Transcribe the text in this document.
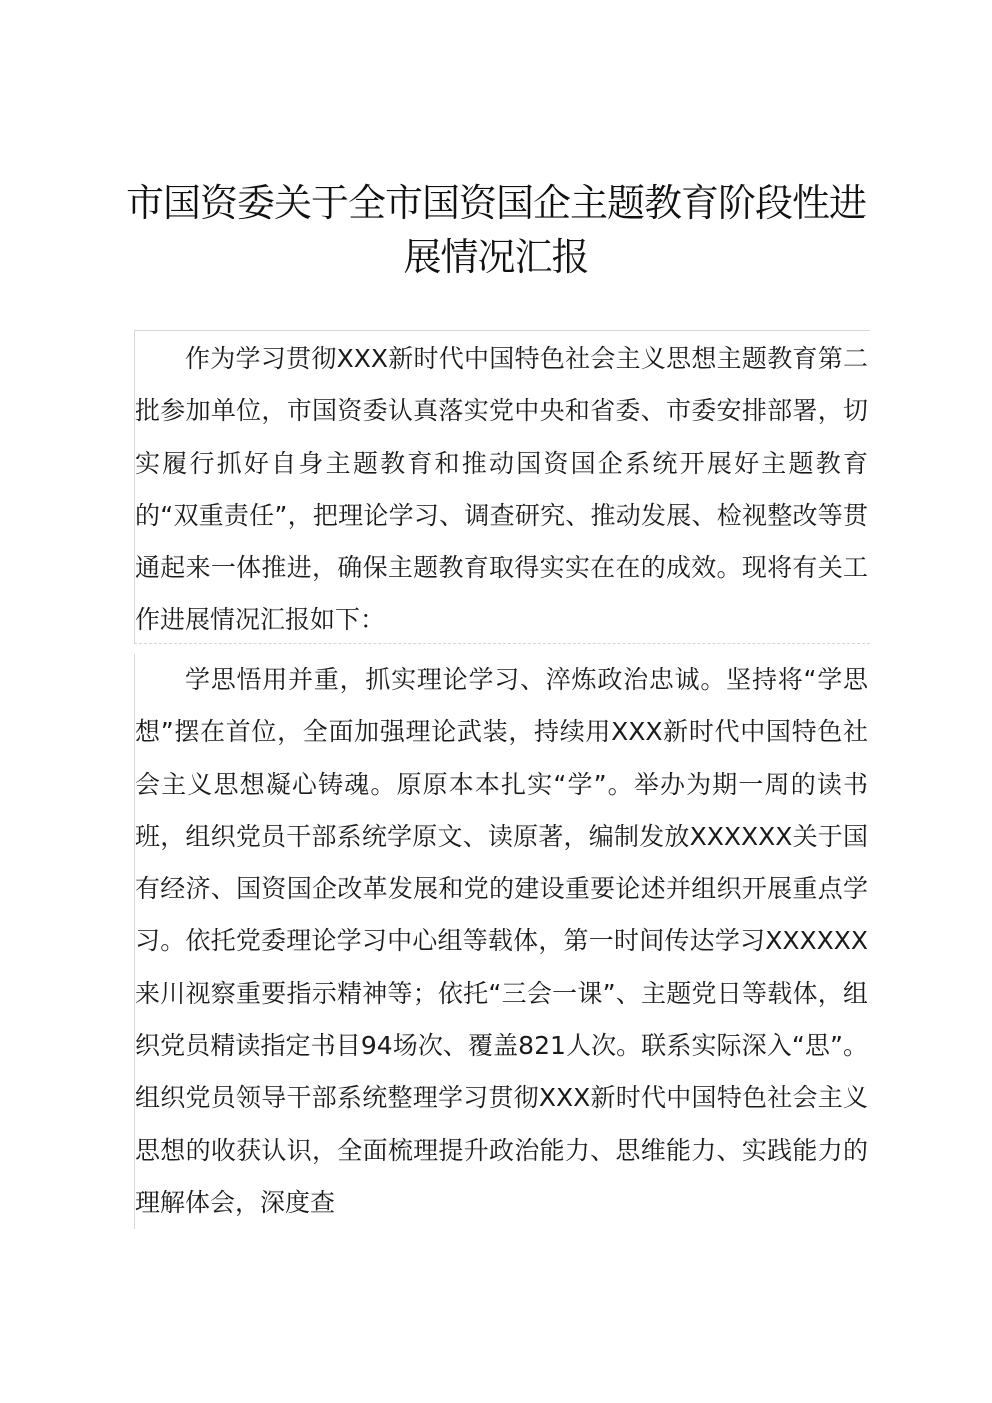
市国资委关于全市国资国企主题教育阶段性进展情况汇报

作为学习贯彻XXX新时代中国特色社会主义思想主题教育第二批参加单位，市国资委认真落实党中央和省委、市委安排部署，切实履行抓好自身主题教育和推动国资国企系统开展好主题教育的“双重责任”，把理论学习、调查研究、推动发展、检视整改等贯通起来一体推进，确保主题教育取得实实在在的成效。现将有关工作进展情况汇报如下：

学思悟用并重，抓实理论学习、淬炼政治忠诚。坚持将“学思想”摆在首位，全面加强理论武装，持续用XXX新时代中国特色社会主义思想凝心铸魂。原原本本扎实“学”。举办为期一周的读书班，组织党员干部系统学原文、读原著，编制发放XXXXXX关于国有经济、国资国企改革发展和党的建设重要论述并组织开展重点学习。依托党委理论学习中心组等载体，第一时间传达学习XXXXXX来川视察重要指示精神等；依托“三会一课”、主题党日等载体，组织党员精读指定书目94场次、覆盖821人次。联系实际深入“思”。组织党员领导干部系统整理学习贯彻XXX新时代中国特色社会主义思想的收获认识，全面梳理提升政治能力、思维能力、实践能力的理解体会，深度查
